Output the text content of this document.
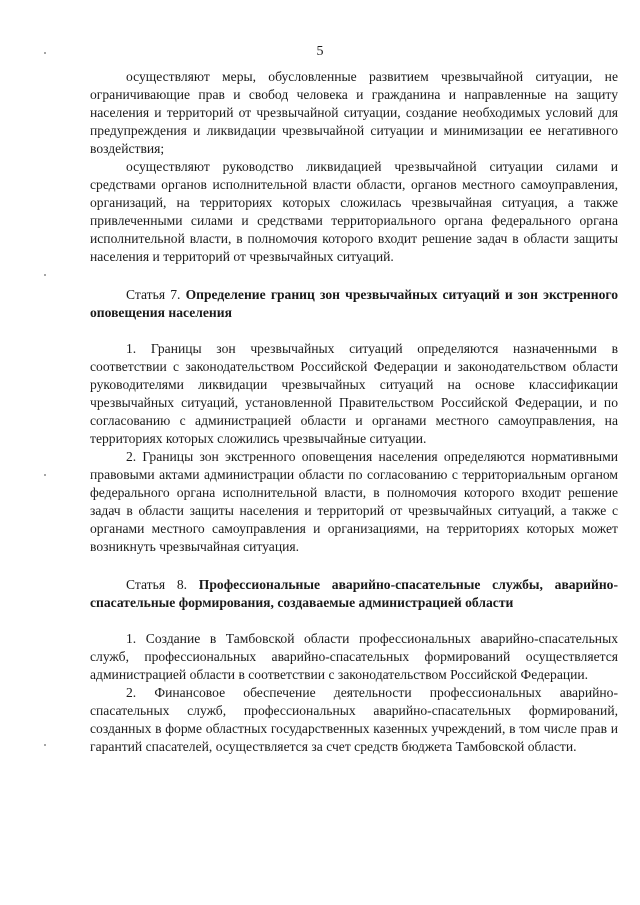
5

осуществляют меры, обусловленные развитием чрезвычайной ситуации, не ограничивающие прав и свобод человека и гражданина и направленные на защиту населения и территорий от чрезвычайной ситуации, создание необходимых условий для предупреждения и ликвидации чрезвычайной ситуации и минимизации ее негативного воздействия;

осуществляют руководство ликвидацией чрезвычайной ситуации силами и средствами органов исполнительной власти области, органов местного самоуправления, организаций, на территориях которых сложилась чрезвычайная ситуация, а также привлеченными силами и средствами территориального органа федерального органа исполнительной власти, в полномочия которого входит решение задач в области защиты населения и территорий от чрезвычайных ситуаций.

Статья 7. Определение границ зон чрезвычайных ситуаций и зон экстренного оповещения населения

1. Границы зон чрезвычайных ситуаций определяются назначенными в соответствии с законодательством Российской Федерации и законодательством области руководителями ликвидации чрезвычайных ситуаций на основе классификации чрезвычайных ситуаций, установленной Правительством Российской Федерации, и по согласованию с администрацией области и органами местного самоуправления, на территориях которых сложились чрезвычайные ситуации.

2. Границы зон экстренного оповещения населения определяются нормативными правовыми актами администрации области по согласованию с территориальным органом федерального органа исполнительной власти, в полномочия которого входит решение задач в области защиты населения и территорий от чрезвычайных ситуаций, а также с органами местного самоуправления и организациями, на территориях которых может возникнуть чрезвычайная ситуация.

Статья 8. Профессиональные аварийно-спасательные службы, аварийно-спасательные формирования, создаваемые администрацией области

1. Создание в Тамбовской области профессиональных аварийно-спасательных служб, профессиональных аварийно-спасательных формирований осуществляется администрацией области в соответствии с законодательством Российской Федерации.

2. Финансовое обеспечение деятельности профессиональных аварийно-спасательных служб, профессиональных аварийно-спасательных формирований, созданных в форме областных государственных казенных учреждений, в том числе прав и гарантий спасателей, осуществляется за счет средств бюджета Тамбовской области.
